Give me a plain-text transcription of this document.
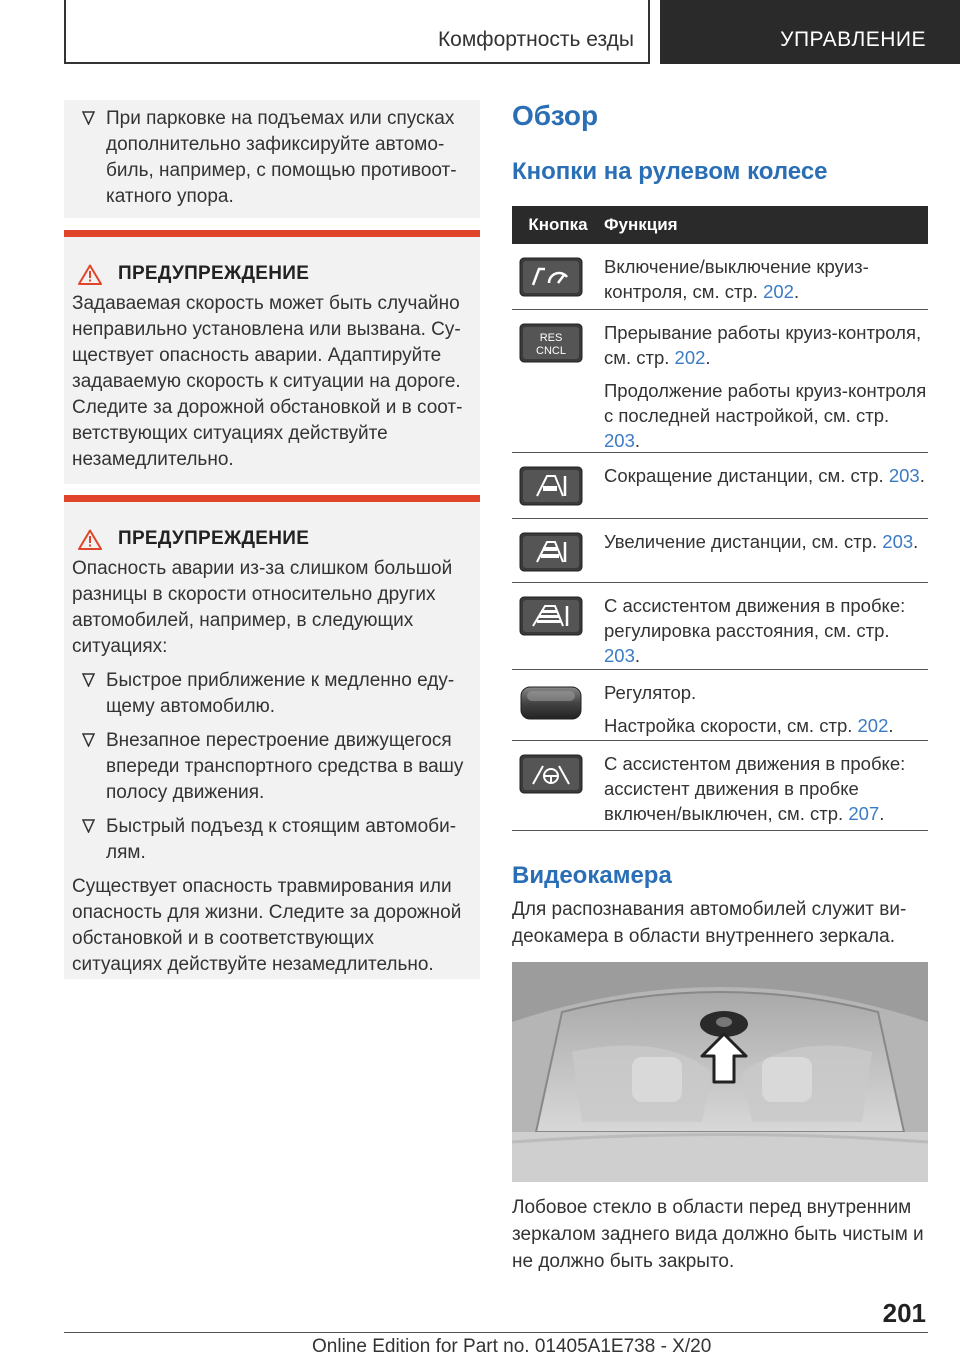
Комфортность езды	УПРАВЛЕНИЕ
При парковке на подъемах или спусках дополнительно зафиксируйте автомобиль, например, с помощью противооткатного упора.
ПРЕДУПРЕЖДЕНИЕ
Задаваемая скорость может быть случайно неправильно установлена или вызвана. Существует опасность аварии. Адаптируйте задаваемую скорость к ситуации на дороге. Следите за дорожной обстановкой и в соответствующих ситуациях действуйте незамедлительно.
ПРЕДУПРЕЖДЕНИЕ
Опасность аварии из-за слишком большой разницы в скорости относительно других автомобилей, например, в следующих ситуациях:
Быстрое приближение к медленно едущему автомобилю.
Внезапное перестроение движущегося впереди транспортного средства в вашу полосу движения.
Быстрый подъезд к стоящим автомобилям.
Существует опасность травмирования или опасность для жизни. Следите за дорожной обстановкой и в соответствующих ситуациях действуйте незамедлительно.
Обзор
Кнопки на рулевом колесе
Кнопка Функция

Включение/выключение круиз-контроля, см. стр. 202.

RES
CNCL

Прерывание работы круиз-контроля, см. стр. 202.

Продолжение работы круиз-контроля с последней настройкой, см. стр. 203.

Сокращение дистанции, см. стр. 203.

Увеличение дистанции, см. стр. 203.

С ассистентом движения в пробке: регулировка расстояния, см. стр. 203.

Регулятор.

Настройка скорости, см. стр. 202.

С ассистентом движения в пробке: ассистент движения в пробке включен/выключен, см. стр. 207.

Видеокамера
Для распознавания автомобилей служит видеокамера в области внутреннего зеркала.
Лобовое стекло в области перед внутренним зеркалом заднего вида должно быть чистым и не должно быть закрыто.
201
Online Edition for Part no. 01405A1E738 - X/20
